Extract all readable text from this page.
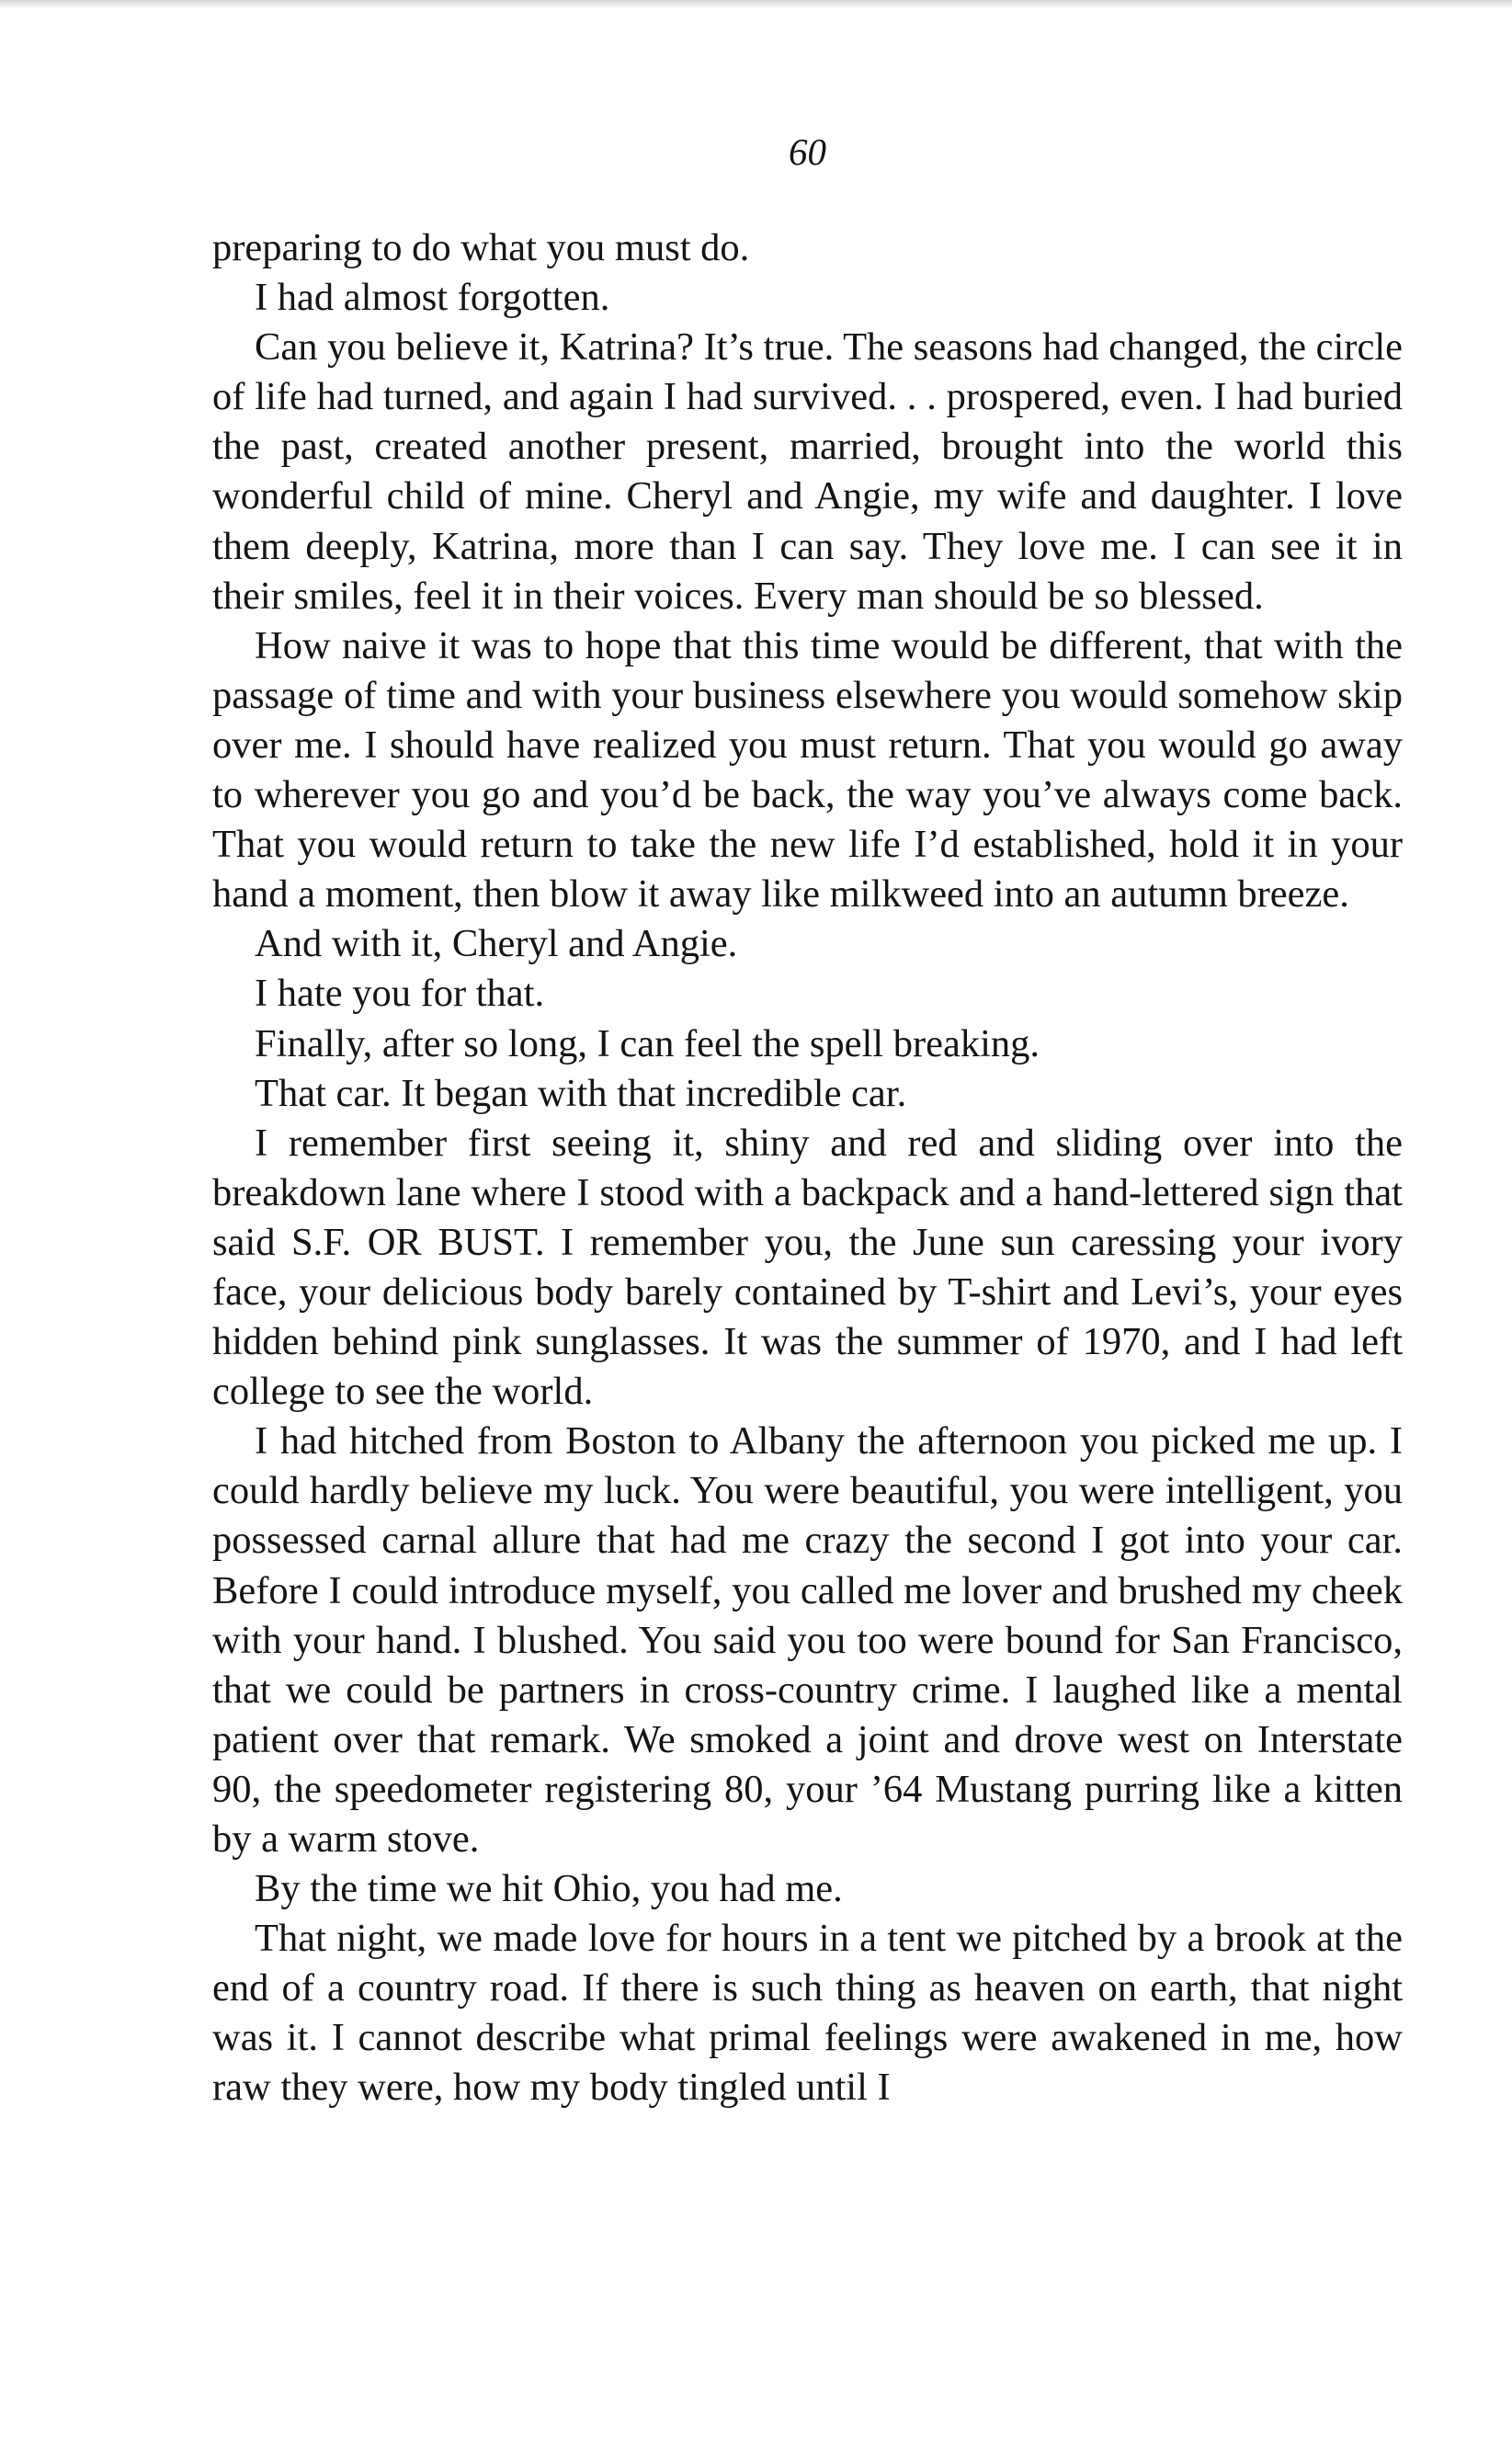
60

preparing to do what you must do.

I had almost forgotten.

Can you believe it, Katrina? It’s true. The seasons had changed, the circle of life had turned, and again I had survived. . . prospered, even. I had buried the past, created another present, married, brought into the world this wonderful child of mine. Cheryl and Angie, my wife and daughter. I love them deeply, Katrina, more than I can say. They love me. I can see it in their smiles, feel it in their voices. Every man should be so blessed.

How naive it was to hope that this time would be different, that with the passage of time and with your business elsewhere you would somehow skip over me. I should have realized you must return. That you would go away to wherever you go and you’d be back, the way you’ve always come back. That you would return to take the new life I’d established, hold it in your hand a moment, then blow it away like milkweed into an autumn breeze.

And with it, Cheryl and Angie.

I hate you for that.

Finally, after so long, I can feel the spell breaking.

That car. It began with that incredible car.

I remember first seeing it, shiny and red and sliding over into the breakdown lane where I stood with a backpack and a hand-lettered sign that said S.F. OR BUST. I remember you, the June sun caressing your ivory face, your delicious body barely contained by T-shirt and Levi’s, your eyes hidden behind pink sunglasses. It was the summer of 1970, and I had left college to see the world.

I had hitched from Boston to Albany the afternoon you picked me up. I could hardly believe my luck. You were beautiful, you were intelligent, you possessed carnal allure that had me crazy the second I got into your car. Before I could introduce myself, you called me lover and brushed my cheek with your hand. I blushed. You said you too were bound for San Francisco, that we could be partners in cross-country crime. I laughed like a mental patient over that remark. We smoked a joint and drove west on Interstate 90, the speedometer registering 80, your ’64 Mustang purring like a kitten by a warm stove.

By the time we hit Ohio, you had me.

That night, we made love for hours in a tent we pitched by a brook at the end of a country road. If there is such thing as heaven on earth, that night was it. I cannot describe what primal feelings were awakened in me, how raw they were, how my body tingled until I
